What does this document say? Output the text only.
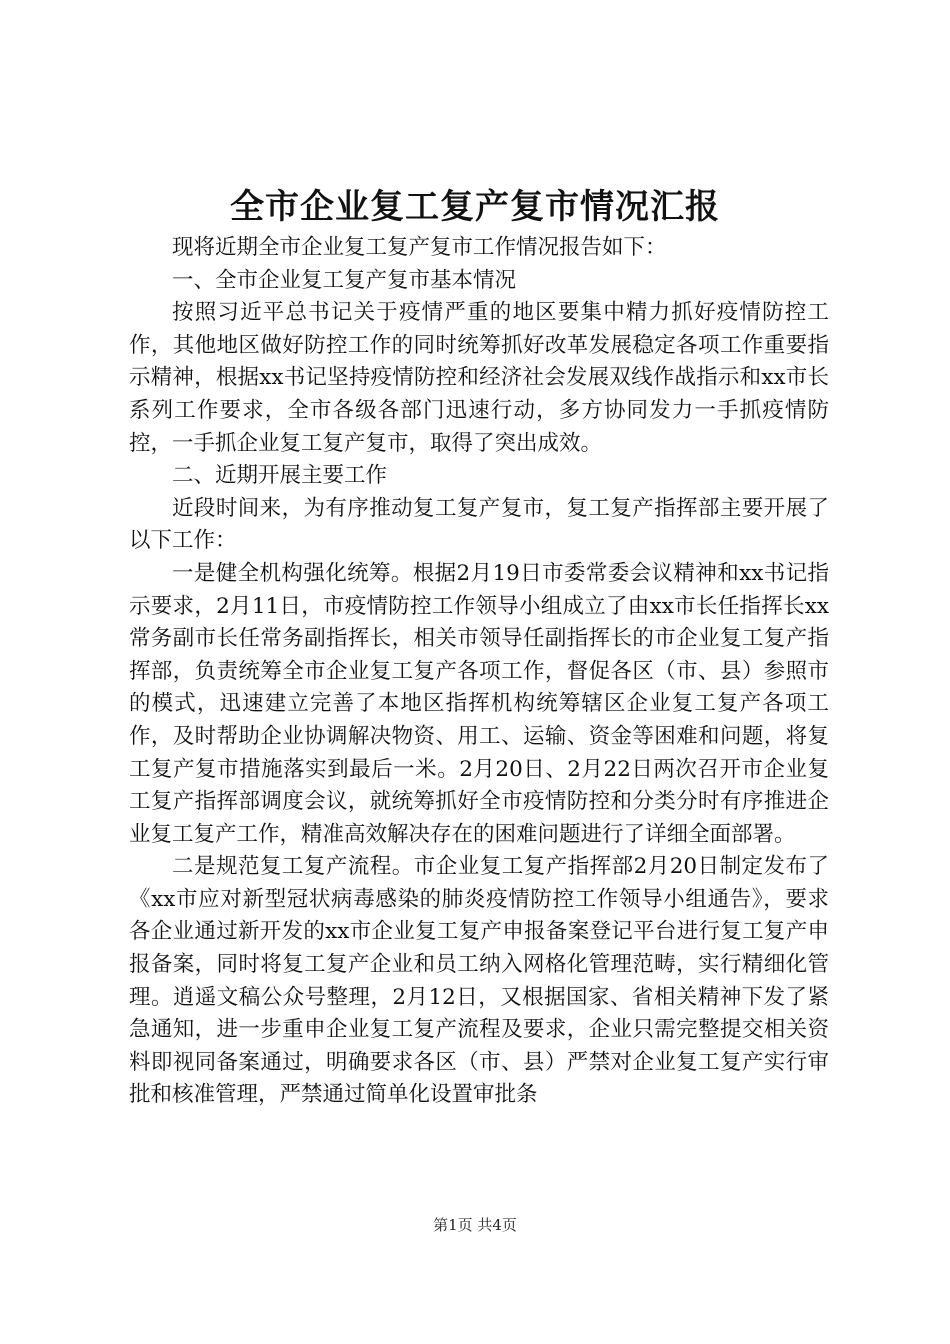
全市企业复工复产复市情况汇报

现将近期全市企业复工复产复市工作情况报告如下：

一、全市企业复工复产复市基本情况

按照习近平总书记关于疫情严重的地区要集中精力抓好疫情防控工作，其他地区做好防控工作的同时统筹抓好改革发展稳定各项工作重要指示精神，根据xx书记坚持疫情防控和经济社会发展双线作战指示和xx市长系列工作要求，全市各级各部门迅速行动，多方协同发力一手抓疫情防控，一手抓企业复工复产复市，取得了突出成效。

二、近期开展主要工作

近段时间来，为有序推动复工复产复市，复工复产指挥部主要开展了以下工作：

一是健全机构强化统筹。根据2月19日市委常委会议精神和xx书记指示要求，2月11日，市疫情防控工作领导小组成立了由xx市长任指挥长xx常务副市长任常务副指挥长，相关市领导任副指挥长的市企业复工复产指挥部，负责统筹全市企业复工复产各项工作，督促各区（市、县）参照市的模式，迅速建立完善了本地区指挥机构统筹辖区企业复工复产各项工作，及时帮助企业协调解决物资、用工、运输、资金等困难和问题，将复工复产复市措施落实到最后一米。2月20日、2月22日两次召开市企业复工复产指挥部调度会议，就统筹抓好全市疫情防控和分类分时有序推进企业复工复产工作，精准高效解决存在的困难问题进行了详细全面部署。

二是规范复工复产流程。市企业复工复产指挥部2月20日制定发布了《xx市应对新型冠状病毒感染的肺炎疫情防控工作领导小组通告》，要求各企业通过新开发的xx市企业复工复产申报备案登记平台进行复工复产申报备案，同时将复工复产企业和员工纳入网格化管理范畴，实行精细化管理。逍遥文稿公众号整理，2月12日，又根据国家、省相关精神下发了紧急通知，进一步重申企业复工复产流程及要求，企业只需完整提交相关资料即视同备案通过，明确要求各区（市、县）严禁对企业复工复产实行审批和核准管理，严禁通过简单化设置审批条

第1页 共4页
